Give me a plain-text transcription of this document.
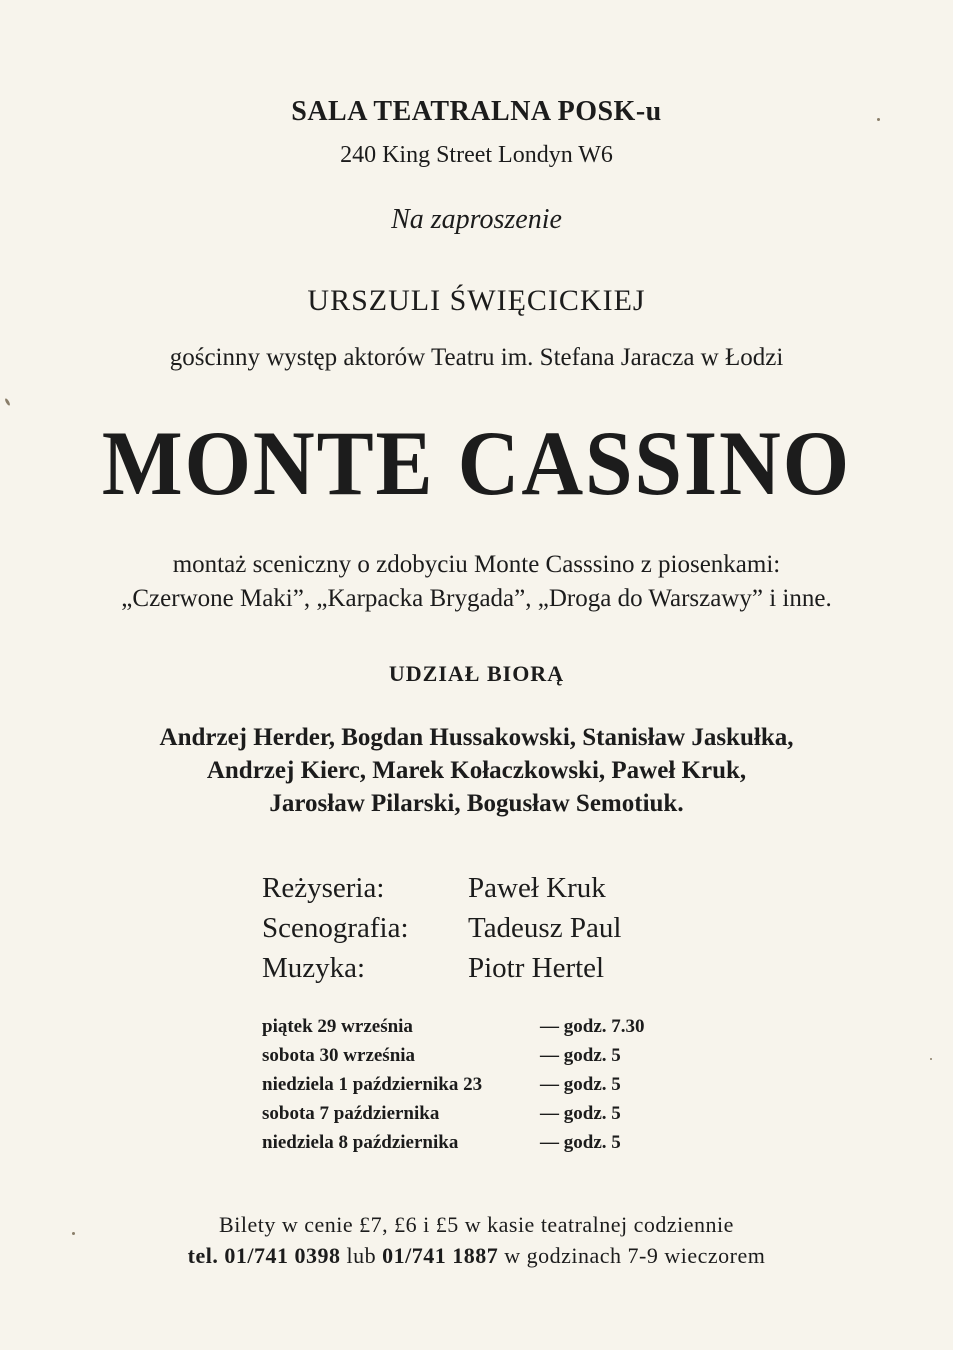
SALA TEATRALNA POSK-u
240 King Street Londyn W6
Na zaproszenie
URSZULI ŚWIĘCICKIEJ
gościnny występ aktorów Teatru im. Stefana Jaracza w Łodzi
MONTE CASSINO
montaż sceniczny o zdobyciu Monte Casssino z piosenkami:
„Czerwone Maki”, „Karpacka Brygada”, „Droga do Warszawy” i inne.
UDZIAŁ BIORĄ
Andrzej Herder, Bogdan Hussakowski, Stanisław Jaskułka,
Andrzej Kierc, Marek Kołaczkowski, Paweł Kruk,
Jarosław Pilarski, Bogusław Semotiuk.
Reżyseria:	Paweł Kruk
Scenografia:	Tadeusz Paul
Muzyka:	Piotr Hertel
piątek 29 września	— godz. 7.30
sobota 30 września	— godz. 5
niedziela 1 października 23	— godz. 5
sobota 7 października	— godz. 5
niedziela 8 października	— godz. 5
Bilety w cenie £7, £6 i £5 w kasie teatralnej codziennie
tel. 01/741 0398 lub 01/741 1887 w godzinach 7-9 wieczorem
